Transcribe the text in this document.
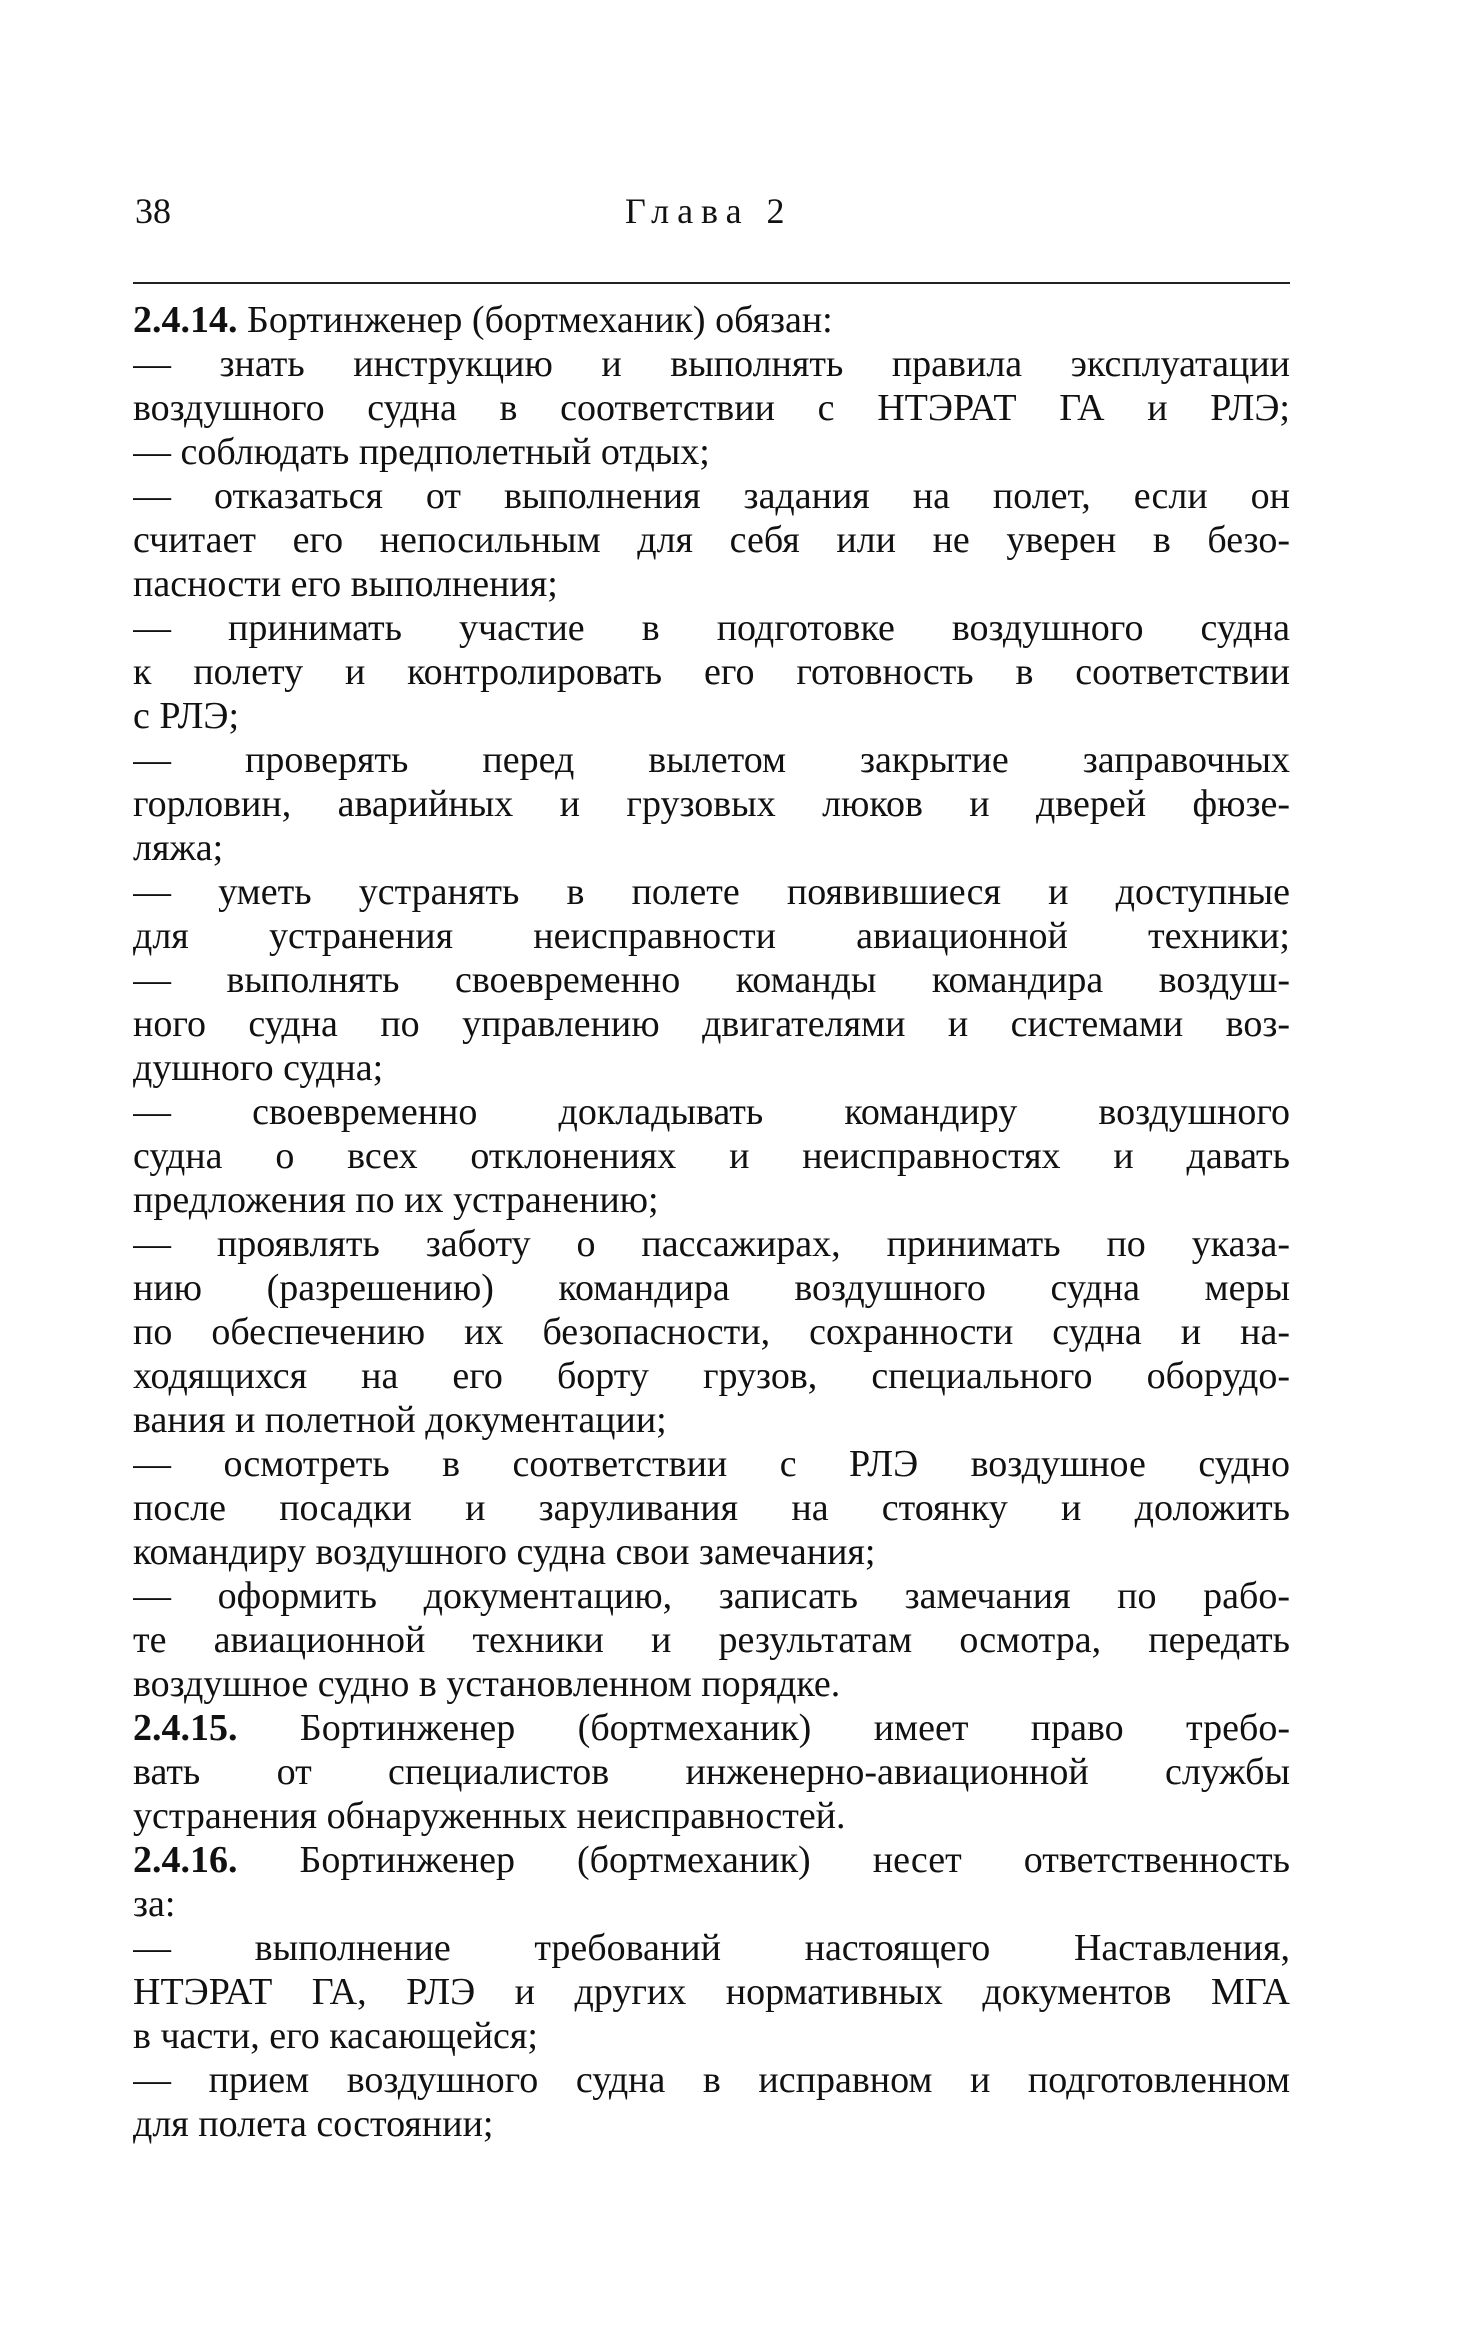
38	Глава 2
2.4.14. Бортинженер (бортмеханик) обязан:
— знать инструкцию и выполнять правила эксплуатации
воздушного судна в соответствии с НТЭРАТ ГА и РЛЭ;
— соблюдать предполетный отдых;
— отказаться от выполнения задания на полет, если он
считает его непосильным для себя или не уверен в безо-
пасности его выполнения;
— принимать участие в подготовке воздушного судна
к полету и контролировать его готовность в соответствии
с РЛЭ;
— проверять перед вылетом закрытие заправочных
горловин, аварийных и грузовых люков и дверей фюзе-
ляжа;
— уметь устранять в полете появившиеся и доступные
для устранения неисправности авиационной техники;
— выполнять своевременно команды командира воздуш-
ного судна по управлению двигателями и системами воз-
душного судна;
— своевременно докладывать командиру воздушного
судна о всех отклонениях и неисправностях и давать
предложения по их устранению;
— проявлять заботу о пассажирах, принимать по указа-
нию (разрешению) командира воздушного судна меры
по обеспечению их безопасности, сохранности судна и на-
ходящихся на его борту грузов, специального оборудо-
вания и полетной документации;
— осмотреть в соответствии с РЛЭ воздушное судно
после посадки и заруливания на стоянку и доложить
командиру воздушного судна свои замечания;
— оформить документацию, записать замечания по рабо-
те авиационной техники и результатам осмотра, передать
воздушное судно в установленном порядке.
2.4.15. Бортинженер (бортмеханик) имеет право требо-
вать от специалистов инженерно-авиационной службы
устранения обнаруженных неисправностей.
2.4.16. Бортинженер (бортмеханик) несет ответственность
за:
— выполнение требований настоящего Наставления,
НТЭРАТ ГА, РЛЭ и других нормативных документов МГА
в части, его касающейся;
— прием воздушного судна в исправном и подготовленном
для полета состоянии;
